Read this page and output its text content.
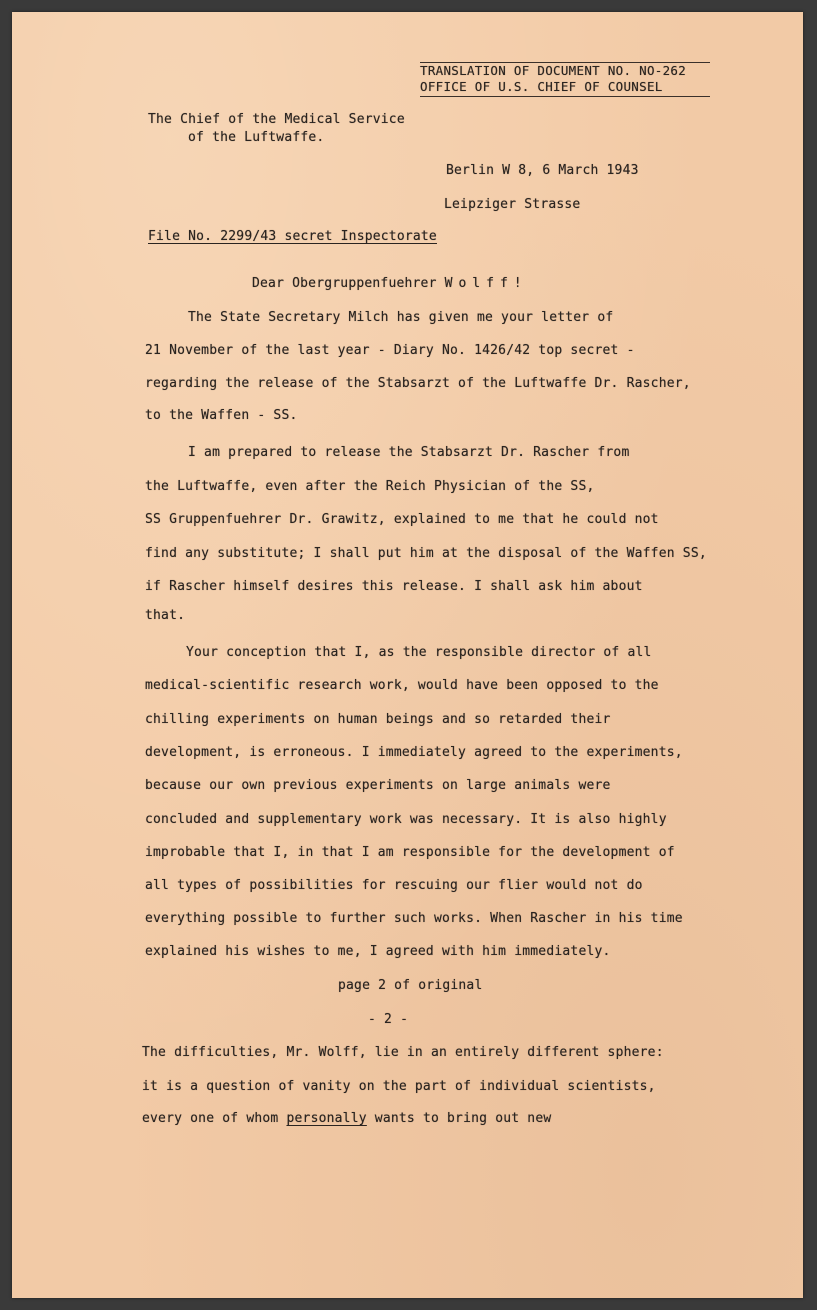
TRANSLATION OF DOCUMENT NO. NO-262
OFFICE OF U.S. CHIEF OF COUNSEL
The Chief of the Medical Service
of the Luftwaffe.
Berlin W 8, 6 March 1943
Leipziger Strasse
File No. 2299/43 secret Inspectorate
Dear Obergruppenfuehrer Wolff!
The State Secretary Milch has given me your letter of
21 November of the last year - Diary No. 1426/42 top secret -
regarding the release of the Stabsarzt of the Luftwaffe Dr. Rascher,
to the Waffen - SS.
I am prepared to release the Stabsarzt Dr. Rascher from
the Luftwaffe, even after the Reich Physician of the SS,
SS Gruppenfuehrer Dr. Grawitz, explained to me that he could not
find any substitute; I shall put him at the disposal of the Waffen SS,
if Rascher himself desires this release. I shall ask him about
that.
Your conception that I, as the responsible director of all
medical-scientific research work, would have been opposed to the
chilling experiments on human beings and so retarded their
development, is erroneous. I immediately agreed to the experiments,
because our own previous experiments on large animals were
concluded and supplementary work was necessary. It is also highly
improbable that I, in that I am responsible for the development of
all types of possibilities for rescuing our flier would not do
everything possible to further such works. When Rascher in his time
explained his wishes to me, I agreed with him immediately.
page 2 of original
- 2 -
The difficulties, Mr. Wolff, lie in an entirely different sphere:
it is a question of vanity on the part of individual scientists,
every one of whom personally wants to bring out new
